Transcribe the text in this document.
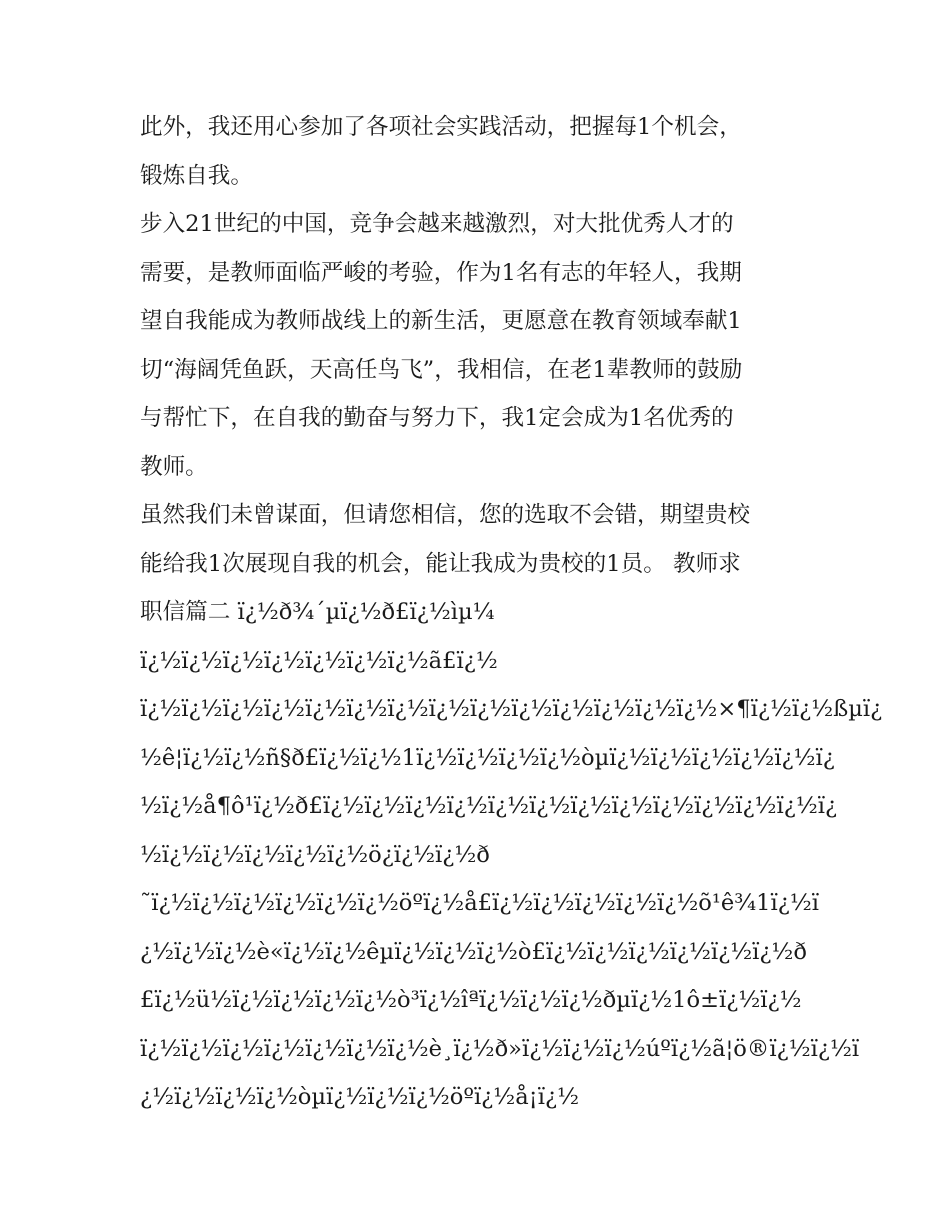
此外，我还用心参加了各项社会实践活动，把握每1个机会，

锻炼自我。

步入21世纪的中国，竞争会越来越激烈，对大批优秀人才的

需要，是教师面临严峻的考验，作为1名有志的年轻人，我期

望自我能成为教师战线上的新生活，更愿意在教育领域奉献1

切“海阔凭鱼跃，天高任鸟飞”，我相信，在老1辈教师的鼓励

与帮忙下，在自我的勤奋与努力下，我1定会成为1名优秀的

教师。

虽然我们未曾谋面，但请您相信，您的选取不会错，期望贵校

能给我1次展现自我的机会，能让我成为贵校的1员。 教师求

职信篇二 ï¿½ð¾´µï¿½ð£ï¿½ìµ¼

ï¿½ï¿½ï¿½ï¿½ï¿½ï¿½ï¿½ã£ï¿½

ï¿½ï¿½ï¿½ï¿½ï¿½ï¿½ï¿½ï¿½ï¿½ï¿½ï¿½ï¿½ï¿½ï¿½×¶ï¿½ï¿½ßµï¿

½ê¦ï¿½ï¿½ñ§ð£ï¿½ï¿½1ï¿½ï¿½ï¿½ï¿½òµï¿½ï¿½ï¿½ï¿½ï¿½ï¿

½ï¿½å¶ô¹ï¿½ð£ï¿½ï¿½ï¿½ï¿½ï¿½ï¿½ï¿½ï¿½ï¿½ï¿½ï¿½ï¿½ï¿

½ï¿½ï¿½ï¿½ï¿½ï¿½ö¿ï¿½ï¿½ð

˜ï¿½ï¿½ï¿½ï¿½ï¿½ï¿½öºï¿½å£ï¿½ï¿½ï¿½ï¿½ï¿½õ¹ê¾1ï¿½ï

¿½ï¿½ï¿½è«ï¿½ï¿½êµï¿½ï¿½ï¿½ò£ï¿½ï¿½ï¿½ï¿½ï¿½ï¿½ð

£ï¿½ü½ï¿½ï¿½ï¿½ï¿½ò³ï¿½îªï¿½ï¿½ï¿½ðµï¿½1ô±ï¿½ï¿½

ï¿½ï¿½ï¿½ï¿½ï¿½ï¿½ï¿½è¸ï¿½ð»ï¿½ï¿½ï¿½úºï¿½ã¦ö®ï¿½ï¿½ï

¿½ï¿½ï¿½ï¿½òµï¿½ï¿½ï¿½öºï¿½å¡ï¿½
